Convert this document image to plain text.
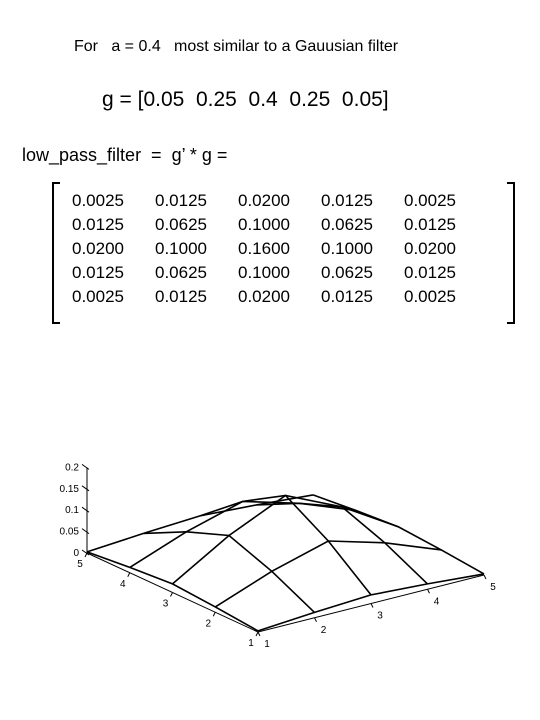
For   a = 0.4   most similar to a Gauusian filter
g = [0.05  0.25  0.4  0.25  0.05]
low_pass_filter  =  g’ * g =
0.0025 0.0125 0.0200 0.0125 0.0025
0.0125 0.0625 0.1000 0.0625 0.0125
0.0200 0.1000 0.1600 0.1000 0.0200
0.0125 0.0625 0.1000 0.0625 0.0125
0.0025 0.0125 0.0200 0.0125 0.0025
0
0.05
0.1
0.15
0.2
1
2
3
4
5
1
2
3
4
5
